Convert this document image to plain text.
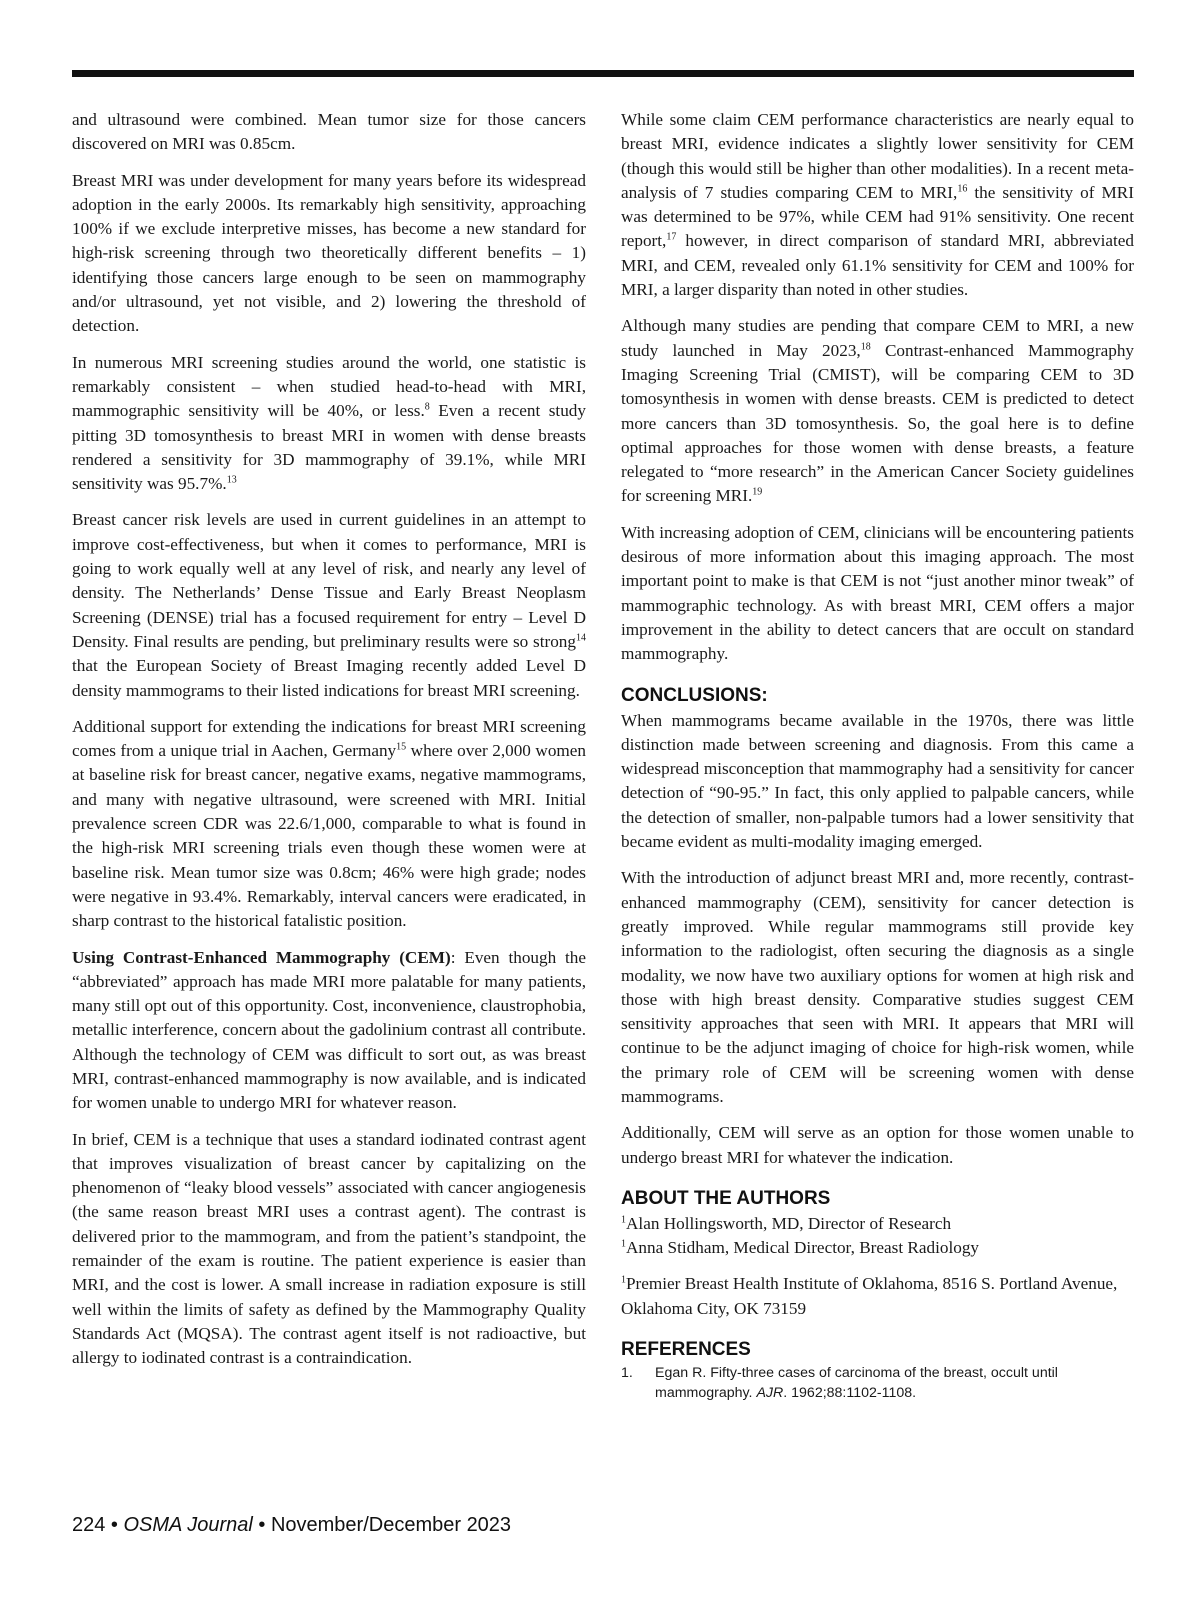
and ultrasound were combined. Mean tumor size for those cancers discovered on MRI was 0.85cm.

Breast MRI was under development for many years before its widespread adoption in the early 2000s. Its remarkably high sensitivity, approaching 100% if we exclude interpretive misses, has become a new standard for high-risk screening through two theoretically different benefits – 1) identifying those cancers large enough to be seen on mammography and/or ultrasound, yet not visible, and 2) lowering the threshold of detection.

In numerous MRI screening studies around the world, one statistic is remarkably consistent – when studied head-to-head with MRI, mammographic sensitivity will be 40%, or less.$^8$ Even a recent study pitting 3D tomosynthesis to breast MRI in women with dense breasts rendered a sensitivity for 3D mammography of 39.1%, while MRI sensitivity was 95.7%.$^{13}$

Breast cancer risk levels are used in current guidelines in an attempt to improve cost-effectiveness, but when it comes to performance, MRI is going to work equally well at any level of risk, and nearly any level of density. The Netherlands’ Dense Tissue and Early Breast Neoplasm Screening (DENSE) trial has a focused requirement for entry – Level D Density. Final results are pending, but preliminary results were so strong$^{14}$ that the European Society of Breast Imaging recently added Level D density mammograms to their listed indications for breast MRI screening.

Additional support for extending the indications for breast MRI screening comes from a unique trial in Aachen, Germany$^{15}$ where over 2,000 women at baseline risk for breast cancer, negative exams, negative mammograms, and many with negative ultrasound, were screened with MRI. Initial prevalence screen CDR was 22.6/1,000, comparable to what is found in the high-risk MRI screening trials even though these women were at baseline risk. Mean tumor size was 0.8cm; 46% were high grade; nodes were negative in 93.4%. Remarkably, interval cancers were eradicated, in sharp contrast to the historical fatalistic position.

Using Contrast-Enhanced Mammography (CEM): Even though the “abbreviated” approach has made MRI more palatable for many patients, many still opt out of this opportunity. Cost, inconvenience, claustrophobia, metallic interference, concern about the gadolinium contrast all contribute. Although the technology of CEM was difficult to sort out, as was breast MRI, contrast-enhanced mammography is now available, and is indicated for women unable to undergo MRI for whatever reason.

In brief, CEM is a technique that uses a standard iodinated contrast agent that improves visualization of breast cancer by capitalizing on the phenomenon of “leaky blood vessels” associated with cancer angiogenesis (the same reason breast MRI uses a contrast agent). The contrast is delivered prior to the mammogram, and from the patient’s standpoint, the remainder of the exam is routine. The patient experience is easier than MRI, and the cost is lower. A small increase in radiation exposure is still well within the limits of safety as defined by the Mammography Quality Standards Act (MQSA). The contrast agent itself is not radioactive, but allergy to iodinated contrast is a contraindication.

While some claim CEM performance characteristics are nearly equal to breast MRI, evidence indicates a slightly lower sensitivity for CEM (though this would still be higher than other modalities). In a recent meta-analysis of 7 studies comparing CEM to MRI,$^{16}$ the sensitivity of MRI was determined to be 97%, while CEM had 91% sensitivity. One recent report,$^{17}$ however, in direct comparison of standard MRI, abbreviated MRI, and CEM, revealed only 61.1% sensitivity for CEM and 100% for MRI, a larger disparity than noted in other studies.

Although many studies are pending that compare CEM to MRI, a new study launched in May 2023,18 Contrast-enhanced Mammography Imaging Screening Trial (CMIST), will be comparing CEM to 3D tomosynthesis in women with dense breasts. CEM is predicted to detect more cancers than 3D tomosynthesis. So, the goal here is to define optimal approaches for those women with dense breasts, a feature relegated to “more research” in the American Cancer Society guidelines for screening MRI.$^{19}$

With increasing adoption of CEM, clinicians will be encountering patients desirous of more information about this imaging approach. The most important point to make is that CEM is not “just another minor tweak” of mammographic technology. As with breast MRI, CEM offers a major improvement in the ability to detect cancers that are occult on standard mammography.

CONCLUSIONS:

When mammograms became available in the 1970s, there was little distinction made between screening and diagnosis. From this came a widespread misconception that mammography had a sensitivity for cancer detection of “90-95.” In fact, this only applied to palpable cancers, while the detection of smaller, non-palpable tumors had a lower sensitivity that became evident as multi-modality imaging emerged.

With the introduction of adjunct breast MRI and, more recently, contrast-enhanced mammography (CEM), sensitivity for cancer detection is greatly improved. While regular mammograms still provide key information to the radiologist, often securing the diagnosis as a single modality, we now have two auxiliary options for women at high risk and those with high breast density. Comparative studies suggest CEM sensitivity approaches that seen with MRI. It appears that MRI will continue to be the adjunct imaging of choice for high-risk women, while the primary role of CEM will be screening women with dense mammograms.

Additionally, CEM will serve as an option for those women unable to undergo breast MRI for whatever the indication.

ABOUT THE AUTHORS

$^1$Alan Hollingsworth, MD, Director of Research

$^1$Anna Stidham, Medical Director, Breast Radiology

$^1$Premier Breast Health Institute of Oklahoma, 8516 S. Portland Avenue, Oklahoma City, OK 73159

REFERENCES
1.	Egan R. Fifty-three cases of carcinoma of the breast, occult until mammography. AJR. 1962;88:1102-1108.
224 • OSMA Journal • November/December 2023
